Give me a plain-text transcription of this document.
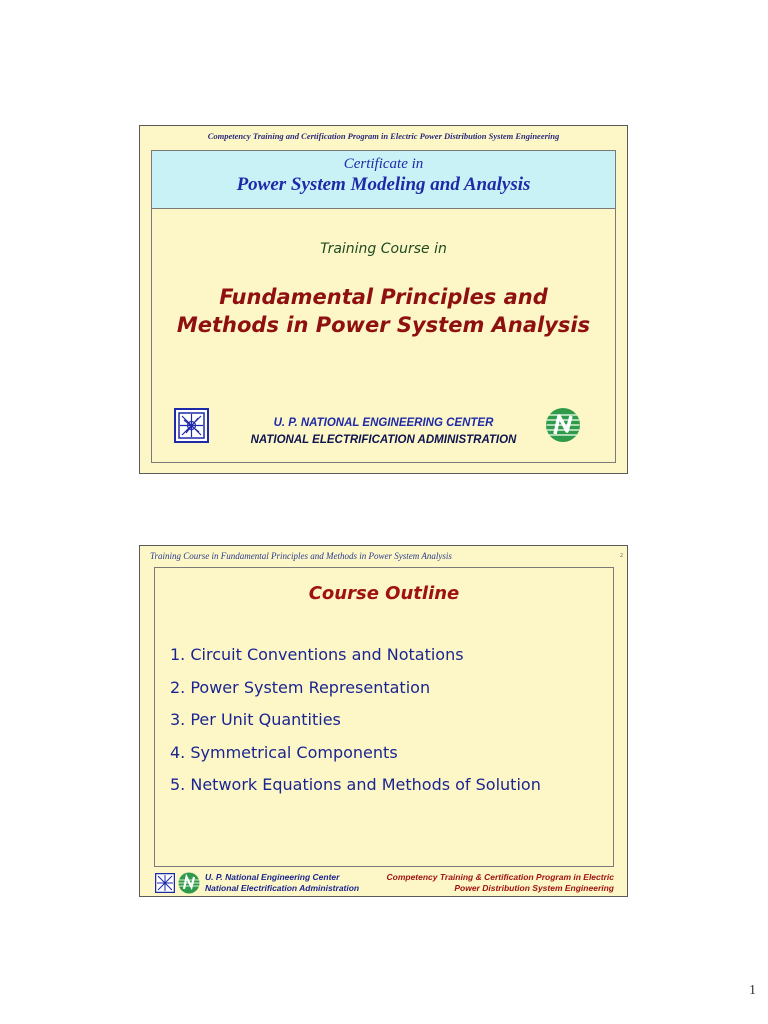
Competency Training and Certification Program in Electric Power Distribution System Engineering
Certificate in
Power System Modeling and Analysis
Training Course in
Fundamental Principles and
Methods in Power System Analysis
U. P. NATIONAL ENGINEERING CENTER
NATIONAL ELECTRIFICATION ADMINISTRATION
Training Course in Fundamental Principles and Methods in Power System Analysis	2
Course Outline
1. Circuit Conventions and Notations
2. Power System Representation
3. Per Unit Quantities
4. Symmetrical Components
5. Network Equations and Methods of Solution
U. P. National Engineering Center
National Electrification Administration
Competency Training & Certification Program in Electric
Power Distribution System Engineering
1
